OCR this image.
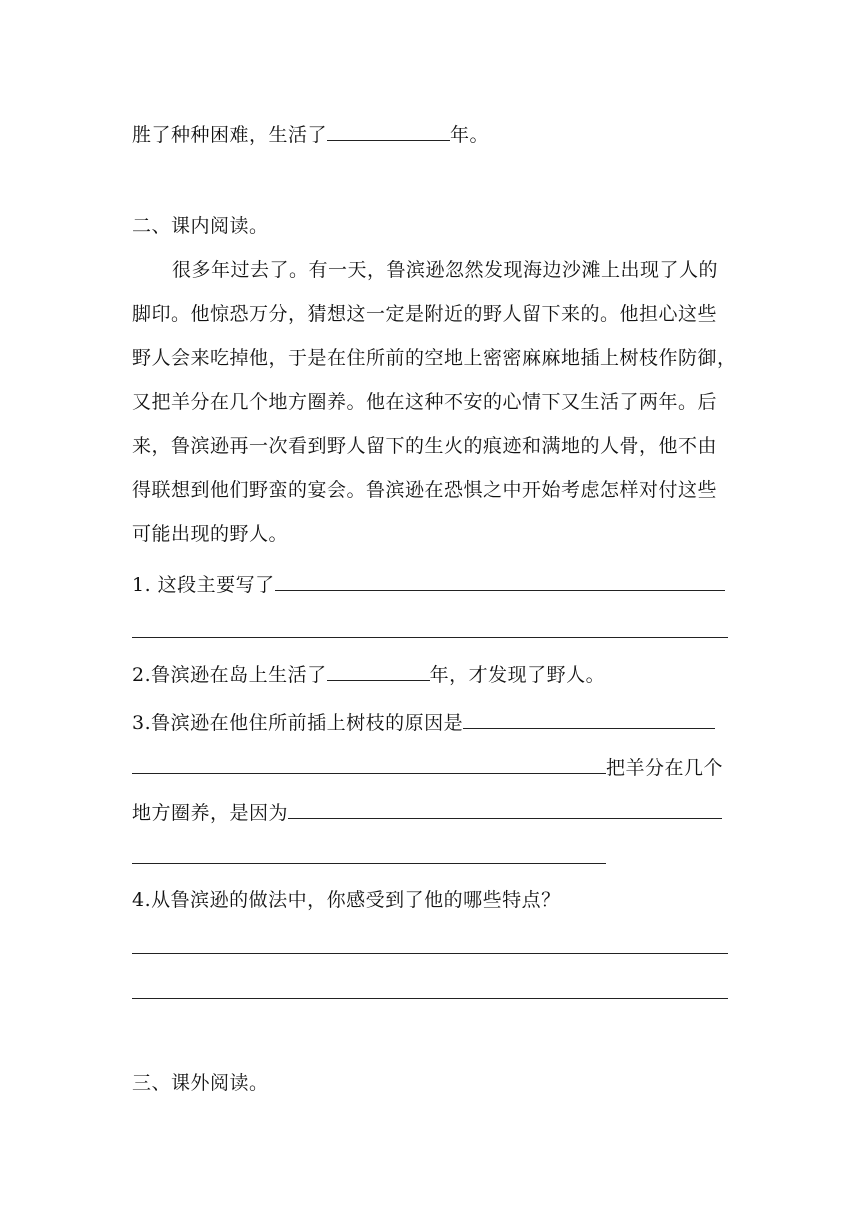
胜了种种困难，生活了	年。
二、课内阅读。
很多年过去了。有一天，鲁滨逊忽然发现海边沙滩上出现了人的
脚印。他惊恐万分，猜想这一定是附近的野人留下来的。他担心这些
野人会来吃掉他，于是在住所前的空地上密密麻麻地插上树枝作防御，
又把羊分在几个地方圈养。他在这种不安的心情下又生活了两年。后
来，鲁滨逊再一次看到野人留下的生火的痕迹和满地的人骨，他不由
得联想到他们野蛮的宴会。鲁滨逊在恐惧之中开始考虑怎样对付这些
可能出现的野人。
1. 这段主要写了
2.鲁滨逊在岛上生活了	年，才发现了野人。
3.鲁滨逊在他住所前插上树枝的原因是
把羊分在几个
地方圈养，是因为
4.从鲁滨逊的做法中，你感受到了他的哪些特点？
三、课外阅读。
